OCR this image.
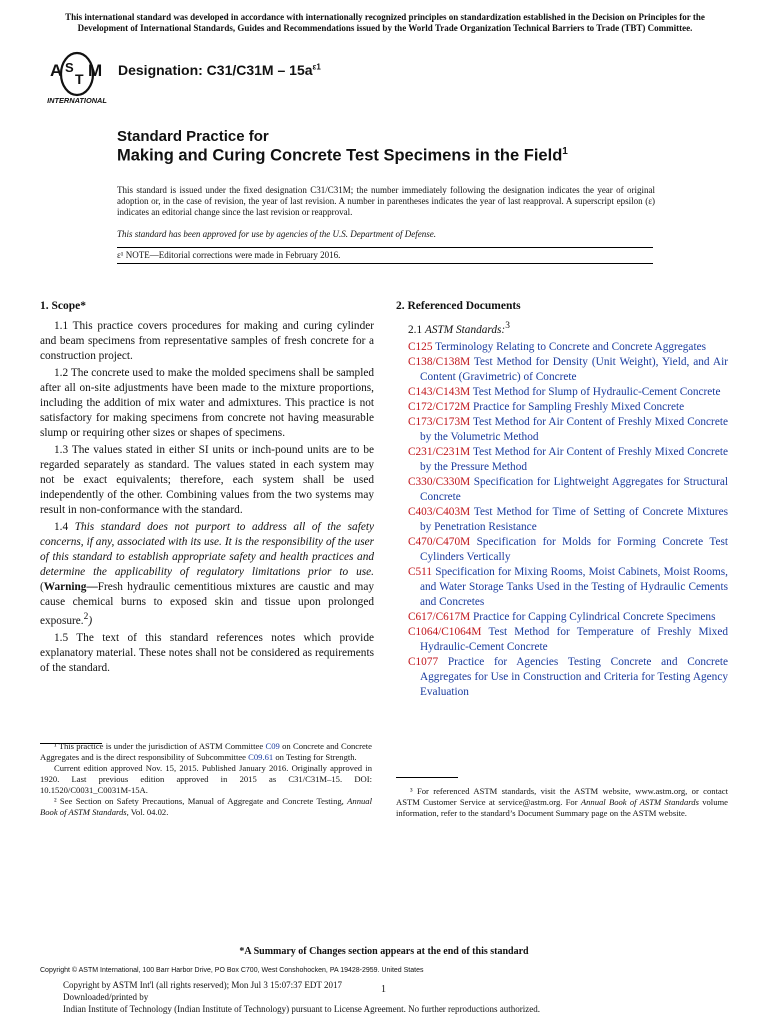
This international standard was developed in accordance with internationally recognized principles on standardization established in the Decision on Principles for the Development of International Standards, Guides and Recommendations issued by the World Trade Organization Technical Barriers to Trade (TBT) Committee.
A S
T M
INTERNATIONAL
Designation: $C31/C31M - 15a^{\varepsilon 1}$
Standard Practice for
Making and Curing Concrete Test Specimens in the Field$^1$
This standard is issued under the fixed designation C31/C31M; the number immediately following the designation indicates the year of original adoption or, in the case of revision, the year of last revision. A number in parentheses indicates the year of last reapproval. A superscript epsilon (ε) indicates an editorial change since the last revision or reapproval.
This standard has been approved for use by agencies of the U.S. Department of Defense.
ε¹ NOTE—Editorial corrections were made in February 2016.
1. Scope*

1.1 This practice covers procedures for making and curing cylinder and beam specimens from representative samples of fresh concrete for a construction project.

1.2 The concrete used to make the molded specimens shall be sampled after all on-site adjustments have been made to the mixture proportions, including the addition of mix water and admixtures. This practice is not satisfactory for making specimens from concrete not having measurable slump or requiring other sizes or shapes of specimens.

1.3 The values stated in either SI units or inch-pound units are to be regarded separately as standard. The values stated in each system may not be exact equivalents; therefore, each system shall be used independently of the other. Combining values from the two systems may result in non-conformance with the standard.

1.4 This standard does not purport to address all of the safety concerns, if any, associated with its use. It is the responsibility of the user of this standard to establish appropriate safety and health practices and determine the applicability of regulatory limitations prior to use. (Warning—Fresh hydraulic cementitious mixtures are caustic and may cause chemical burns to exposed skin and tissue upon prolonged exposure.$^2$)

1.5 The text of this standard references notes which provide explanatory material. These notes shall not be considered as requirements of the standard.

2. Referenced Documents
2.1 ASTM Standards:$^3$
C125 Terminology Relating to Concrete and Concrete Aggregates
C138/C138M Test Method for Density (Unit Weight), Yield, and Air Content (Gravimetric) of Concrete
C143/C143M Test Method for Slump of Hydraulic-Cement Concrete
C172/C172M Practice for Sampling Freshly Mixed Concrete
C173/C173M Test Method for Air Content of Freshly Mixed Concrete by the Volumetric Method
C231/C231M Test Method for Air Content of Freshly Mixed Concrete by the Pressure Method
C330/C330M Specification for Lightweight Aggregates for Structural Concrete
C403/C403M Test Method for Time of Setting of Concrete Mixtures by Penetration Resistance
C470/C470M Specification for Molds for Forming Concrete Test Cylinders Vertically
C511 Specification for Mixing Rooms, Moist Cabinets, Moist Rooms, and Water Storage Tanks Used in the Testing of Hydraulic Cements and Concretes
C617/C617M Practice for Capping Cylindrical Concrete Specimens
C1064/C1064M Test Method for Temperature of Freshly Mixed Hydraulic-Cement Concrete
C1077 Practice for Agencies Testing Concrete and Concrete Aggregates for Use in Construction and Criteria for Testing Agency Evaluation

¹ This practice is under the jurisdiction of ASTM Committee C09 on Concrete and Concrete Aggregates and is the direct responsibility of Subcommittee C09.61 on Testing for Strength.

Current edition approved Nov. 15, 2015. Published January 2016. Originally approved in 1920. Last previous edition approved in 2015 as C31/C31M–15. DOI: 10.1520/C0031_C0031M-15A.

² See Section on Safety Precautions, Manual of Aggregate and Concrete Testing, Annual Book of ASTM Standards, Vol. 04.02.

³ For referenced ASTM standards, visit the ASTM website, www.astm.org, or contact ASTM Customer Service at service@astm.org. For Annual Book of ASTM Standards volume information, refer to the standard’s Document Summary page on the ASTM website.

*A Summary of Changes section appears at the end of this standard
Copyright © ASTM International, 100 Barr Harbor Drive, PO Box C700, West Conshohocken, PA 19428-2959. United States
Copyright by ASTM Int'l (all rights reserved); Mon Jul 3 15:07:37 EDT 2017
Downloaded/printed by
Indian Institute of Technology (Indian Institute of Technology) pursuant to License Agreement. No further reproductions authorized.
1
